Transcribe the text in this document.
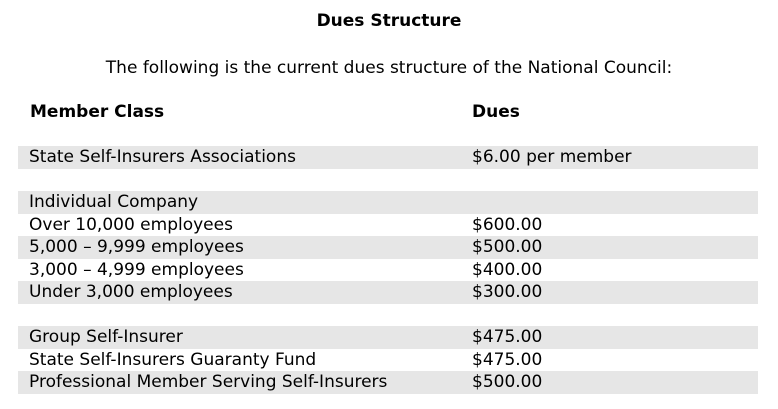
Dues Structure
The following is the current dues structure of the National Council:
Member Class	Dues
State Self-Insurers Associations	$6.00 per member
Individual Company
Over 10,000 employees	$600.00
5,000 – 9,999 employees	$500.00
3,000 – 4,999 employees	$400.00
Under 3,000 employees	$300.00
Group Self-Insurer	$475.00
State Self-Insurers Guaranty Fund	$475.00
Professional Member Serving Self-Insurers	$500.00
